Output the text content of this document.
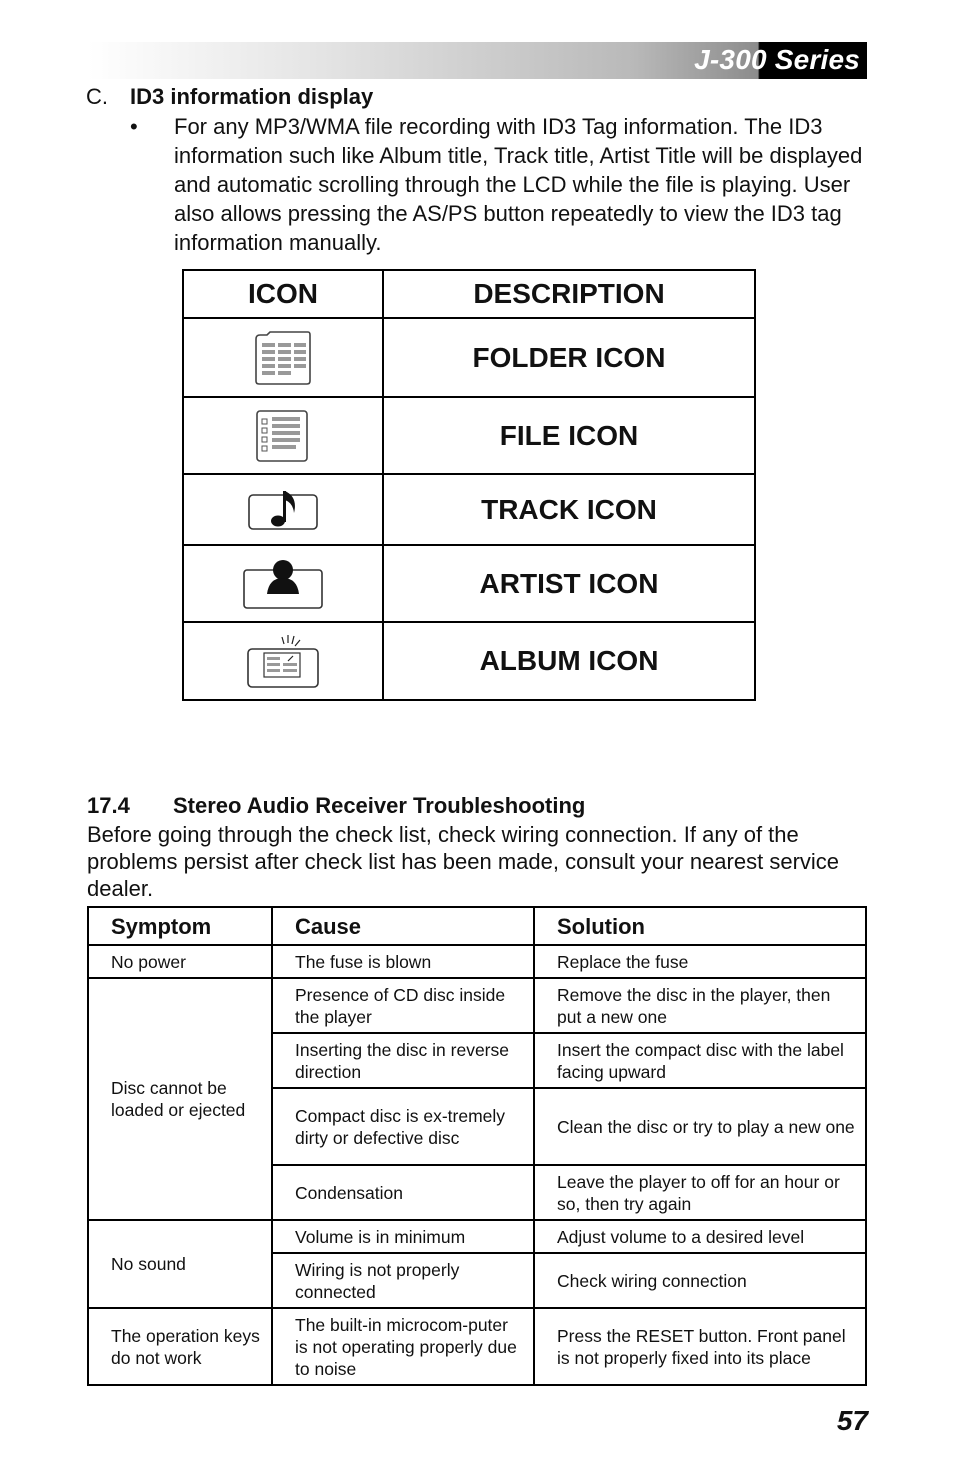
J-300 Series
C. ID3 information display
• For any MP3/WMA file recording with ID3 Tag information. The ID3 information such like Album title, Track title, Artist Title will be displayed and automatic scrolling through the LCD while the file is playing. User also allows pressing the AS/PS button repeatedly to view the ID3 tag information manually.
ICON	DESCRIPTION

	FOLDER ICON

	FILE ICON

	TRACK ICON

	ARTIST ICON

	ALBUM ICON
17.4 Stereo Audio Receiver Troubleshooting
Before going through the check list, check wiring connection. If any of the problems persist after check list has been made, consult your nearest service dealer.
Symptom	Cause	Solution
No power	The fuse is blown	Replace the fuse
Disc cannot be loaded or ejected	Presence of CD disc inside the player	Remove the disc in the player, then put a new one
	Inserting the disc in reverse direction	Insert the compact disc with the label facing upward
	Compact disc is ex-tremely dirty or defective disc	Clean the disc or try to play a new one
	Condensation	Leave the player to off for an hour or so, then try again
No sound	Volume is in minimum	Adjust volume to a desired level
	Wiring is not properly connected	Check wiring connection
The operation keys do not work	The built-in microcom-puter is not operating properly due to noise	Press the RESET button. Front panel is not properly fixed into its place
57
